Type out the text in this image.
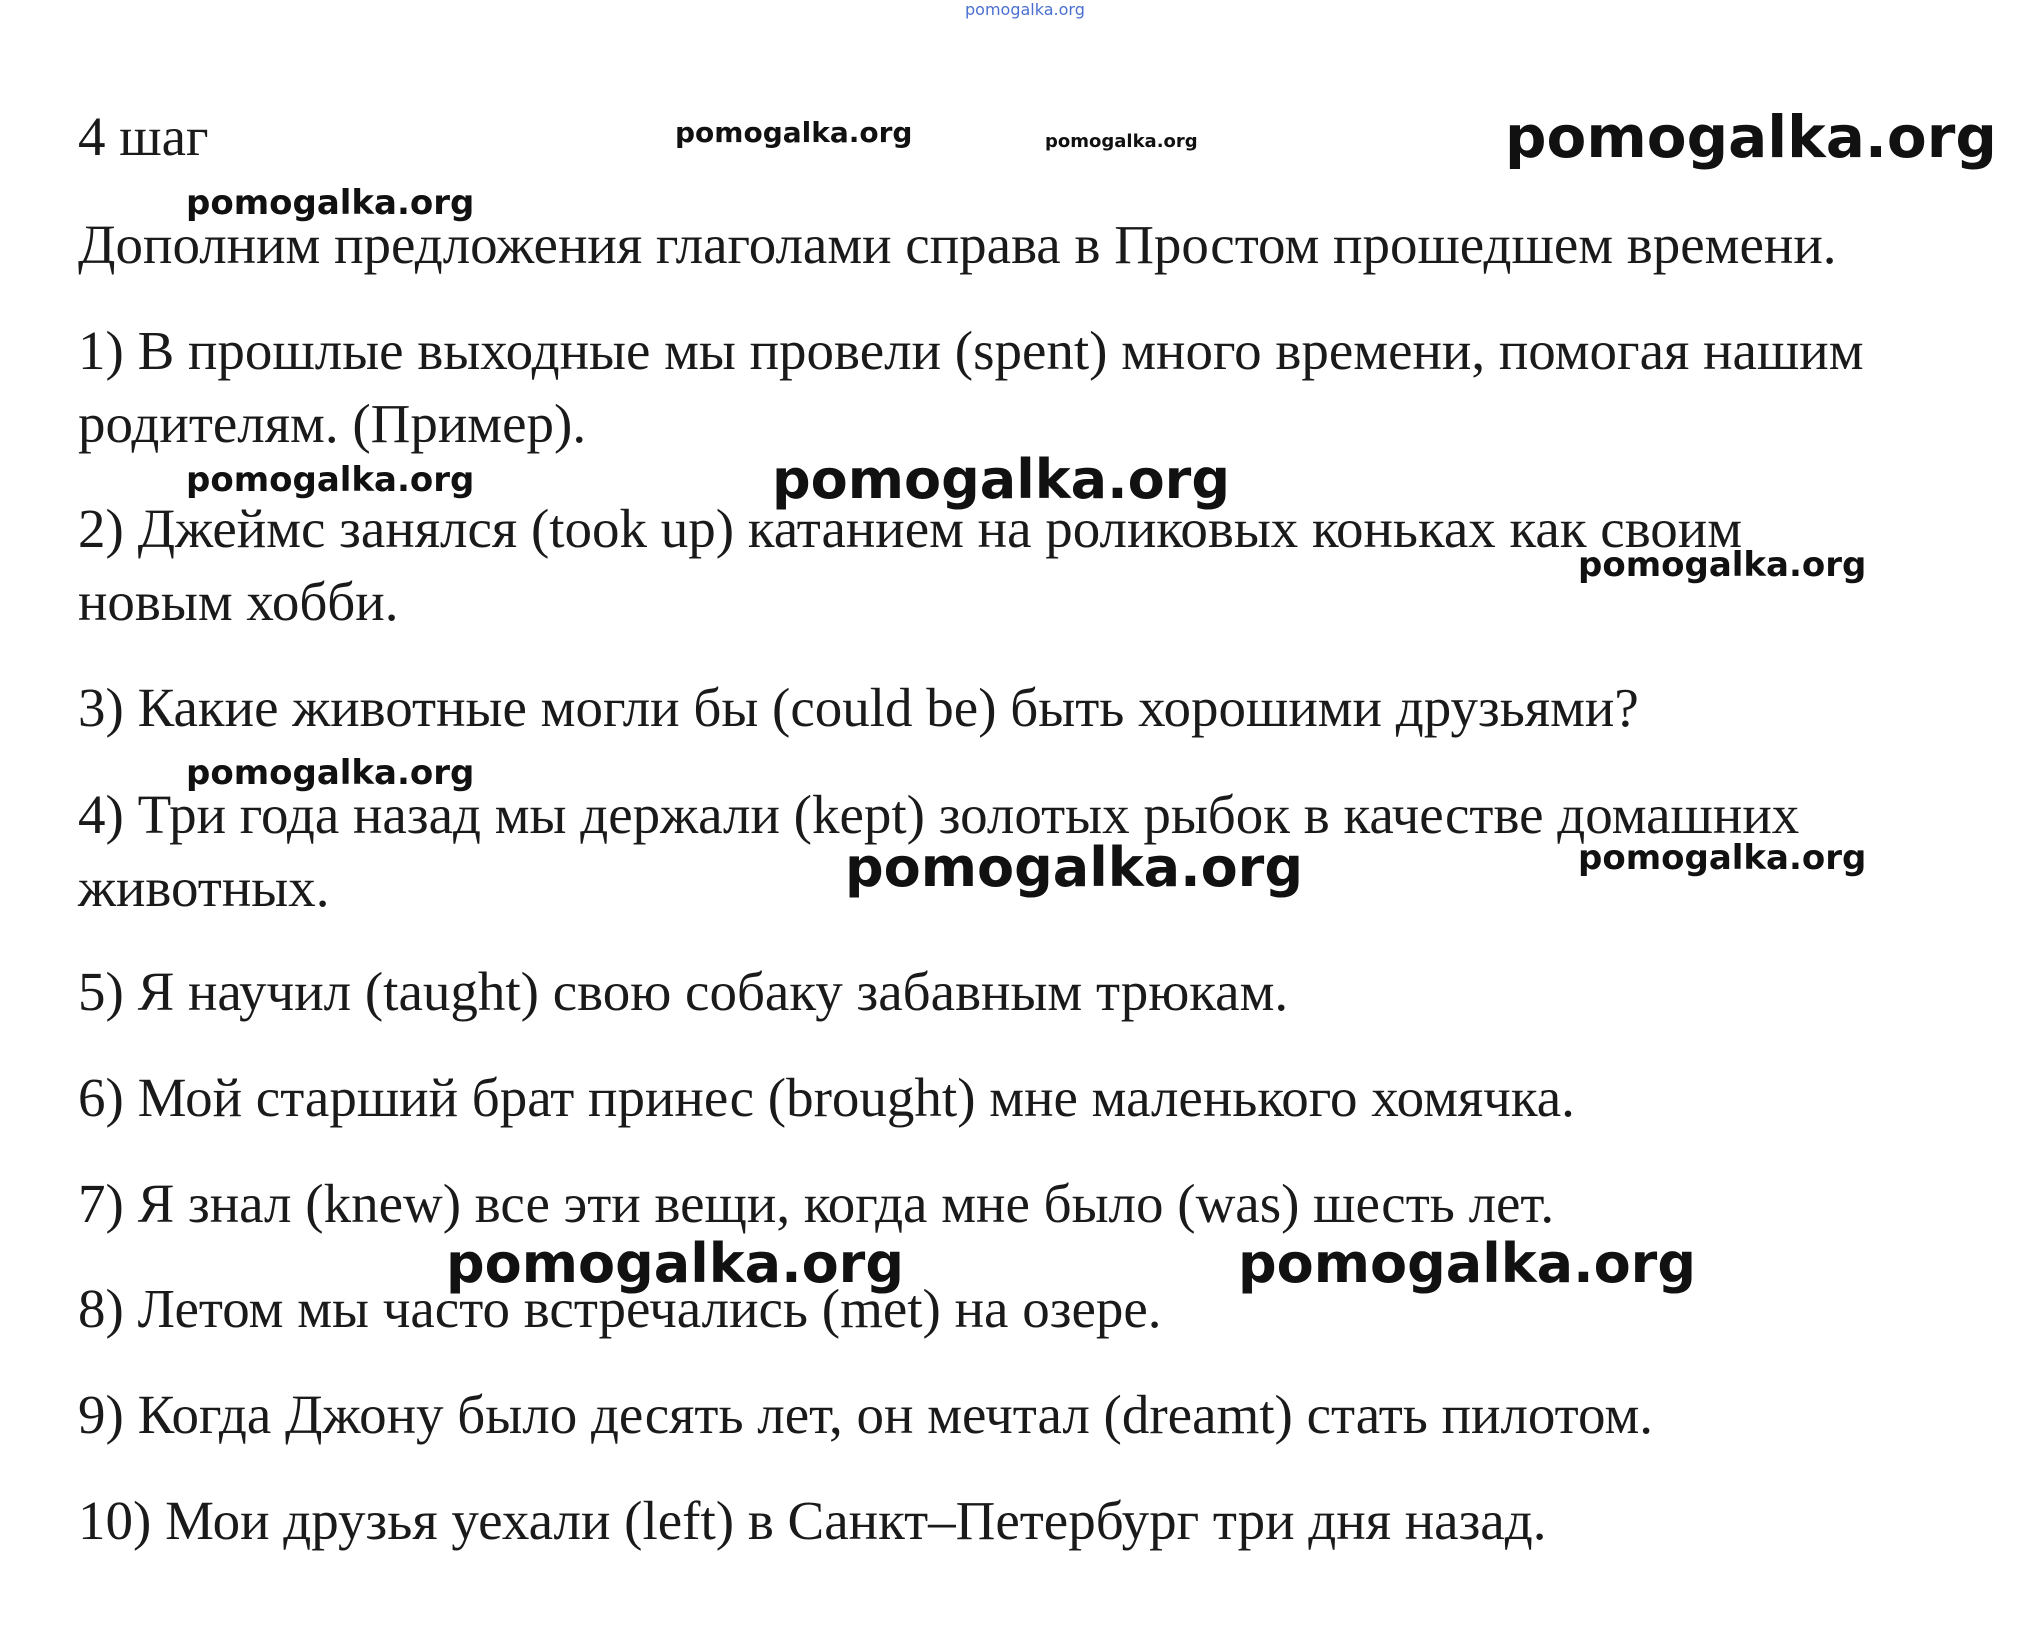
pomogalka.org

4 шаг

Дополним предложения глаголами справа в Простом прошедшем времени.

1) В прошлые выходные мы провели (spent) много времени, помогая нашим

родителям. (Пример).

2) Джеймс занялся (took up) катанием на роликовых коньках как своим

новым хобби.

3) Какие животные могли бы (could be) быть хорошими друзьями?

4) Три года назад мы держали (kept) золотых рыбок в качестве домашних

животных.

5) Я научил (taught) свою собаку забавным трюкам.

6) Мой старший брат принес (brought) мне маленького хомячка.

7) Я знал (knew) все эти вещи, когда мне было (was) шесть лет.

8) Летом мы часто встречались (met) на озере.

9) Когда Джону было десять лет, он мечтал (dreamt) стать пилотом.

10) Мои друзья уехали (left) в Санкт–Петербург три дня назад.

pomogalka.org	pomogalka.org	pomogalka.org

pomogalka.org

pomogalka.org	pomogalka.org

pomogalka.org

pomogalka.org

pomogalka.org	pomogalka.org

pomogalka.org	pomogalka.org
